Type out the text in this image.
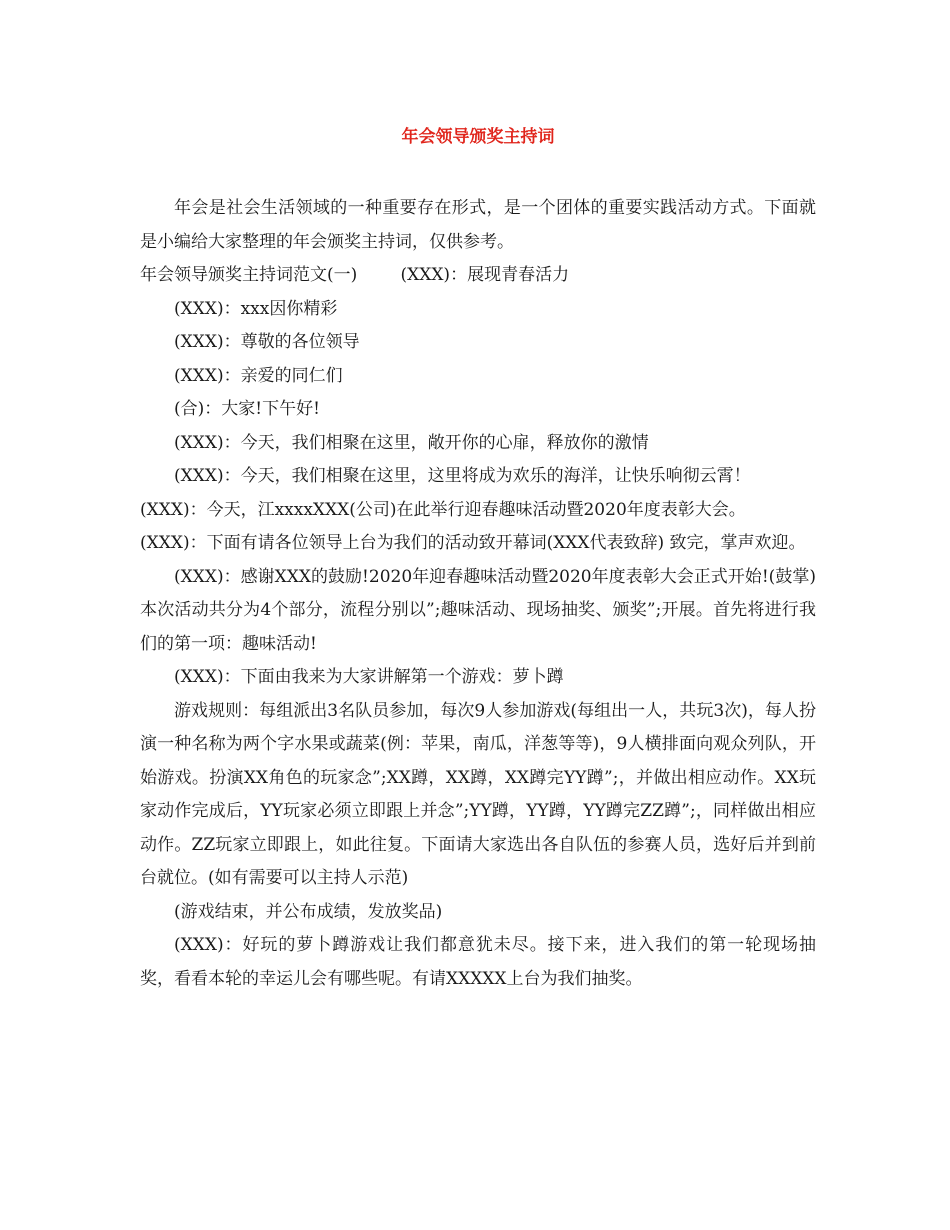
年会领导颁奖主持词

年会是社会生活领域的一种重要存在形式，是一个团体的重要实践活动方式。下面就是小编给大家整理的年会颁奖主持词，仅供参考。

年会领导颁奖主持词范文(一)        (XXX)：展现青春活力

(XXX)：xxx因你精彩

(XXX)：尊敬的各位领导

(XXX)：亲爱的同仁们

(合)：大家!下午好!

(XXX)：今天，我们相聚在这里，敞开你的心扉，释放你的激情

(XXX)：今天，我们相聚在这里，这里将成为欢乐的海洋，让快乐响彻云霄！

(XXX)：今天，江xxxxXXX(公司)在此举行迎春趣味活动暨2020年度表彰大会。

(XXX)：下面有请各位领导上台为我们的活动致开幕词(XXX代表致辞) 致完，掌声欢迎。

(XXX)：感谢XXX的鼓励!2020年迎春趣味活动暨2020年度表彰大会正式开始!(鼓掌)本次活动共分为4个部分，流程分别以”;趣味活动、现场抽奖、颁奖”;开展。首先将进行我们的第一项：趣味活动!

(XXX)：下面由我来为大家讲解第一个游戏：萝卜蹲

游戏规则：每组派出3名队员参加，每次9人参加游戏(每组出一人，共玩3次)，每人扮演一种名称为两个字水果或蔬菜(例：苹果，南瓜，洋葱等等)，9人横排面向观众列队，开始游戏。扮演XX角色的玩家念”;XX蹲，XX蹲，XX蹲完YY蹲”;，并做出相应动作。XX玩家动作完成后，YY玩家必须立即跟上并念”;YY蹲，YY蹲，YY蹲完ZZ蹲”;，同样做出相应动作。ZZ玩家立即跟上，如此往复。下面请大家选出各自队伍的参赛人员，选好后并到前台就位。(如有需要可以主持人示范)

(游戏结束，并公布成绩，发放奖品)

(XXX)：好玩的萝卜蹲游戏让我们都意犹未尽。接下来，进入我们的第一轮现场抽奖，看看本轮的幸运儿会有哪些呢。有请XXXXX上台为我们抽奖。
